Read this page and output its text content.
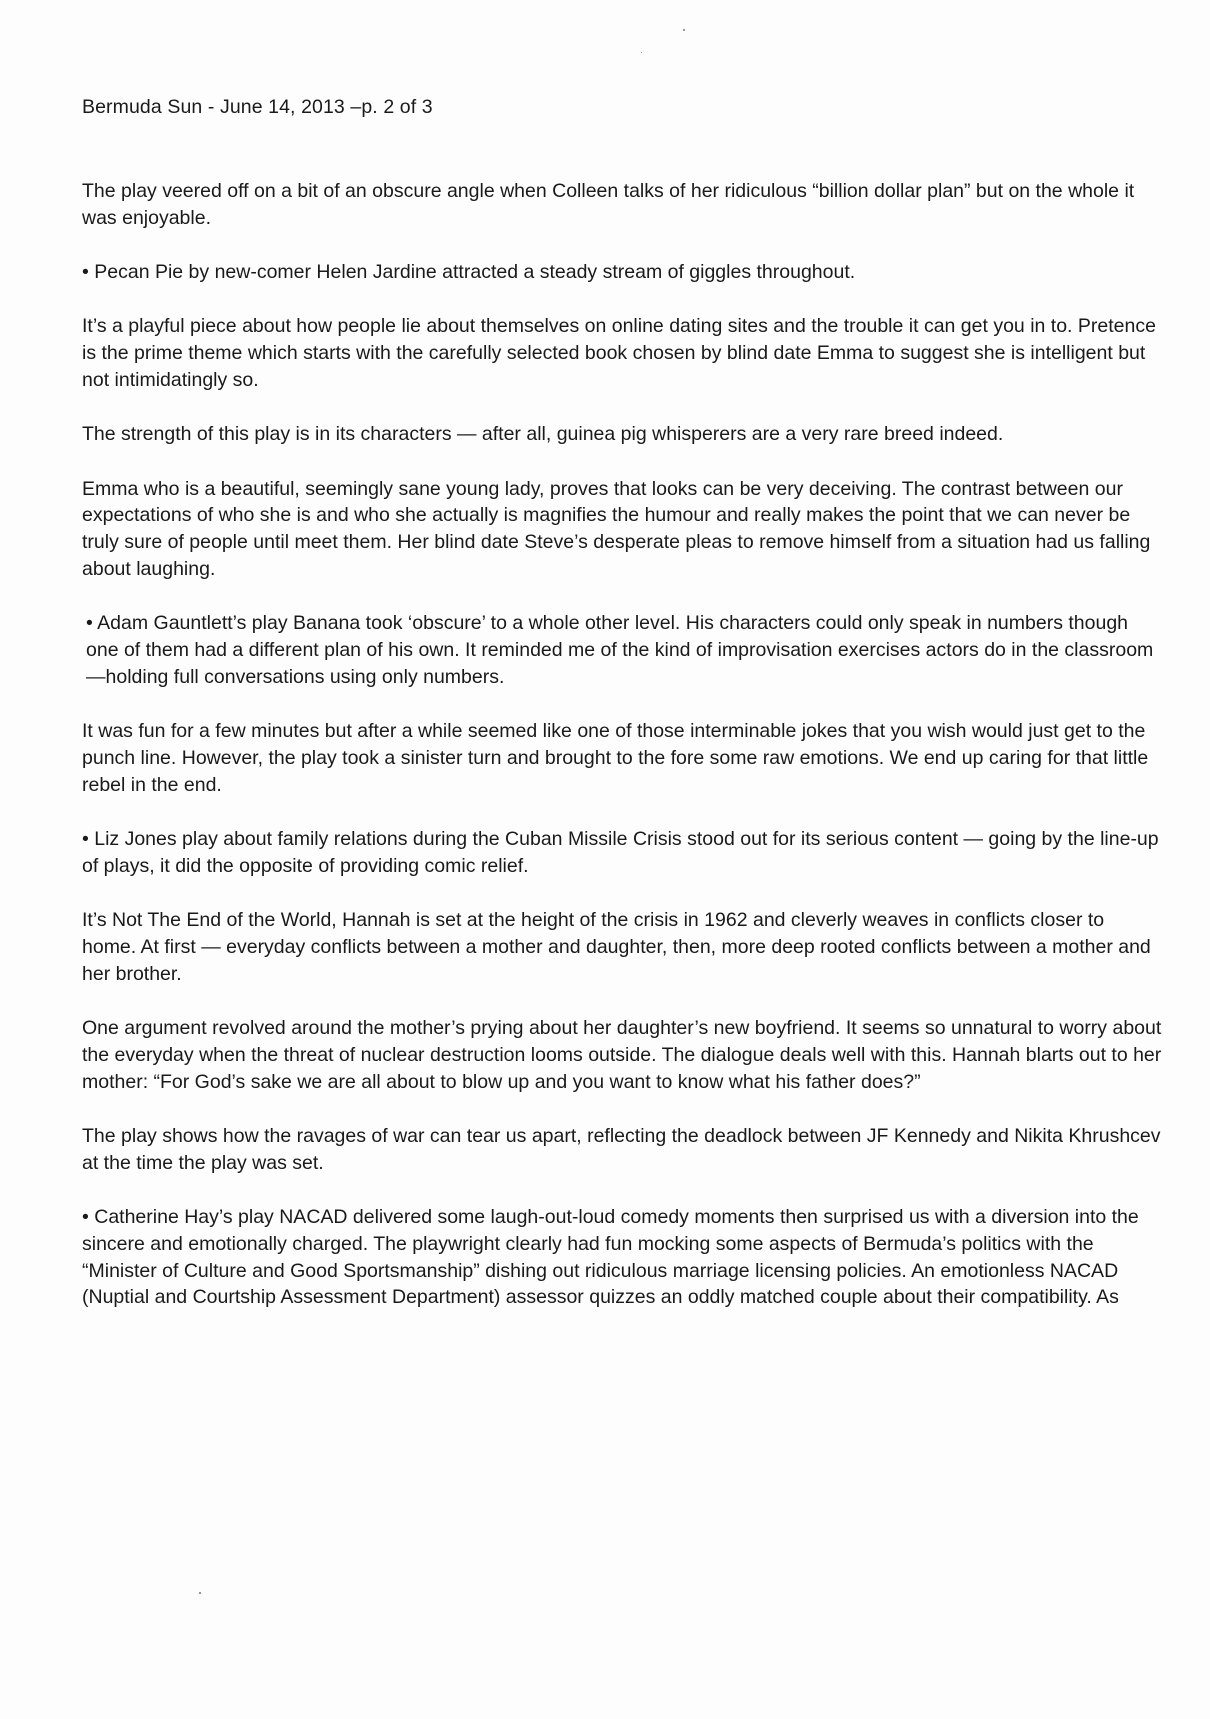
Bermuda Sun - June 14, 2013 –p. 2 of 3

The play veered off on a bit of an obscure angle when Colleen talks of her ridiculous “billion dollar plan” but on the whole it was enjoyable.

• Pecan Pie by new-comer Helen Jardine attracted a steady stream of giggles throughout.

It’s a playful piece about how people lie about themselves on online dating sites and the trouble it can get you in to. Pretence is the prime theme which starts with the carefully selected book chosen by blind date Emma to suggest she is intelligent but not intimidatingly so.

The strength of this play is in its characters — after all, guinea pig whisperers are a very rare breed indeed.

Emma who is a beautiful, seemingly sane young lady, proves that looks can be very deceiving. The contrast between our expectations of who she is and who she actually is magnifies the humour and really makes the point that we can never be truly sure of people until meet them. Her blind date Steve’s desperate pleas to remove himself from a situation had us falling about laughing.

• Adam Gauntlett’s play Banana took ‘obscure’ to a whole other level. His characters could only speak in numbers though one of them had a different plan of his own. It reminded me of the kind of improvisation exercises actors do in the classroom —holding full conversations using only numbers.

It was fun for a few minutes but after a while seemed like one of those interminable jokes that you wish would just get to the punch line. However, the play took a sinister turn and brought to the fore some raw emotions. We end up caring for that little rebel in the end.

• Liz Jones play about family relations during the Cuban Missile Crisis stood out for its serious content — going by the line-up of plays, it did the opposite of providing comic relief.

It’s Not The End of the World, Hannah is set at the height of the crisis in 1962 and cleverly weaves in conflicts closer to home. At first — everyday conflicts between a mother and daughter, then, more deep rooted conflicts between a mother and her brother.

One argument revolved around the mother’s prying about her daughter’s new boyfriend. It seems so unnatural to worry about the everyday when the threat of nuclear destruction looms outside. The dialogue deals well with this. Hannah blarts out to her mother: “For God’s sake we are all about to blow up and you want to know what his father does?”

The play shows how the ravages of war can tear us apart, reflecting the deadlock between JF Kennedy and Nikita Khrushcev at the time the play was set.

• Catherine Hay’s play NACAD delivered some laugh-out-loud comedy moments then surprised us with a diversion into the sincere and emotionally charged. The playwright clearly had fun mocking some aspects of Bermuda’s politics with the “Minister of Culture and Good Sportsmanship” dishing out ridiculous marriage licensing policies. An emotionless NACAD (Nuptial and Courtship Assessment Department) assessor quizzes an oddly matched couple about their compatibility. As
